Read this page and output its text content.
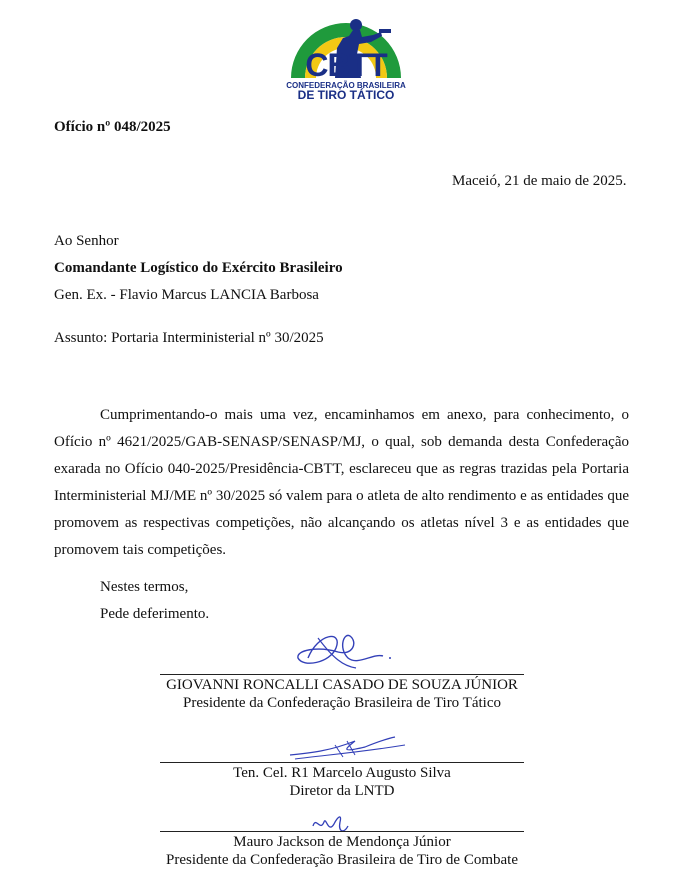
CBTT
CONFEDERAÇÃO BRASILEIRA
DE TIRO TÁTICO
Ofício nº 048/2025
Maceió, 21 de maio de 2025.
Ao Senhor
Comandante Logístico do Exército Brasileiro
Gen. Ex. - Flavio Marcus LANCIA Barbosa
Assunto: Portaria Interministerial nº 30/2025

Cumprimentando-o mais uma vez, encaminhamos em anexo, para conhecimento, o Ofício nº 4621/2025/GAB-SENASP/SENASP/MJ, o qual, sob demanda desta Confederação exarada no Ofício 040-2025/Presidência-CBTT, esclareceu que as regras trazidas pela Portaria Interministerial MJ/ME nº 30/2025 só valem para o atleta de alto rendimento e as entidades que promovem as respectivas competições, não alcançando os atletas nível 3 e as entidades que promovem tais competições.

Nestes termos,
Pede deferimento.
GIOVANNI RONCALLI CASADO DE SOUZA JÚNIOR
Presidente da Confederação Brasileira de Tiro Tático
Ten. Cel. R1 Marcelo Augusto Silva
Diretor da LNTD
Mauro Jackson de Mendonça Júnior
Presidente da Confederação Brasileira de Tiro de Combate
